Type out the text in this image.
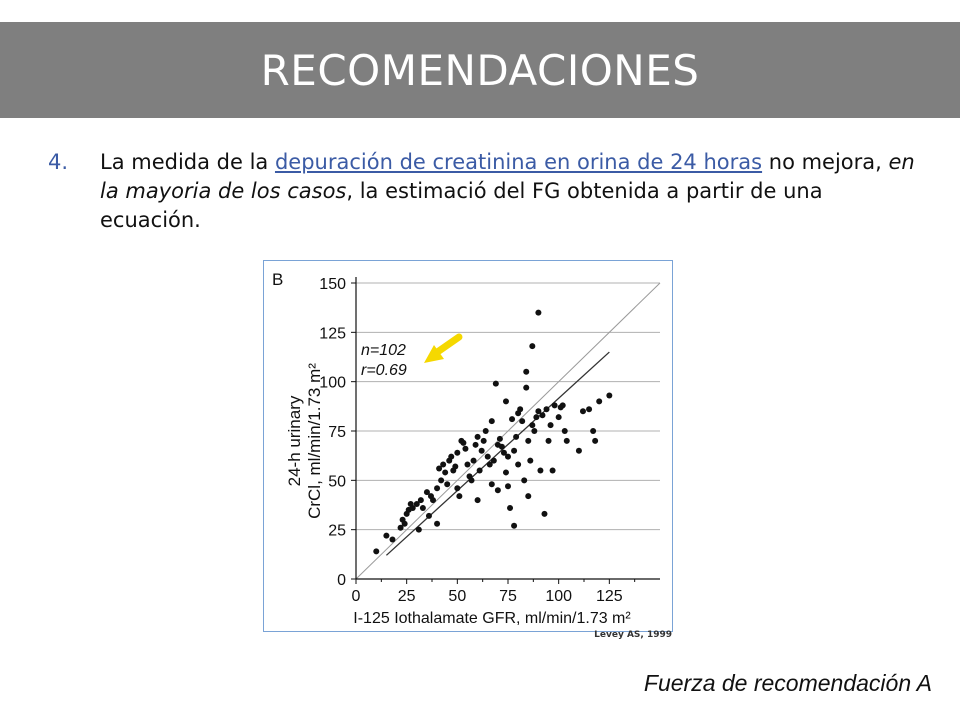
RECOMENDACIONES
4. La medida de la depuración de creatinina en orina de 24 horas no mejora, en la mayoria de los casos, la estimació del FG obtenida a partir de una ecuación.
0
25
50
75
100
125
150
0 25 50 75 100 125
B
24-h urinary CrCl, ml/min/1.73 m²
I-125 Iothalamate GFR, ml/min/1.73 m²
n=102
r=0.69
Levey AS, 1999
Fuerza de recomendación A
